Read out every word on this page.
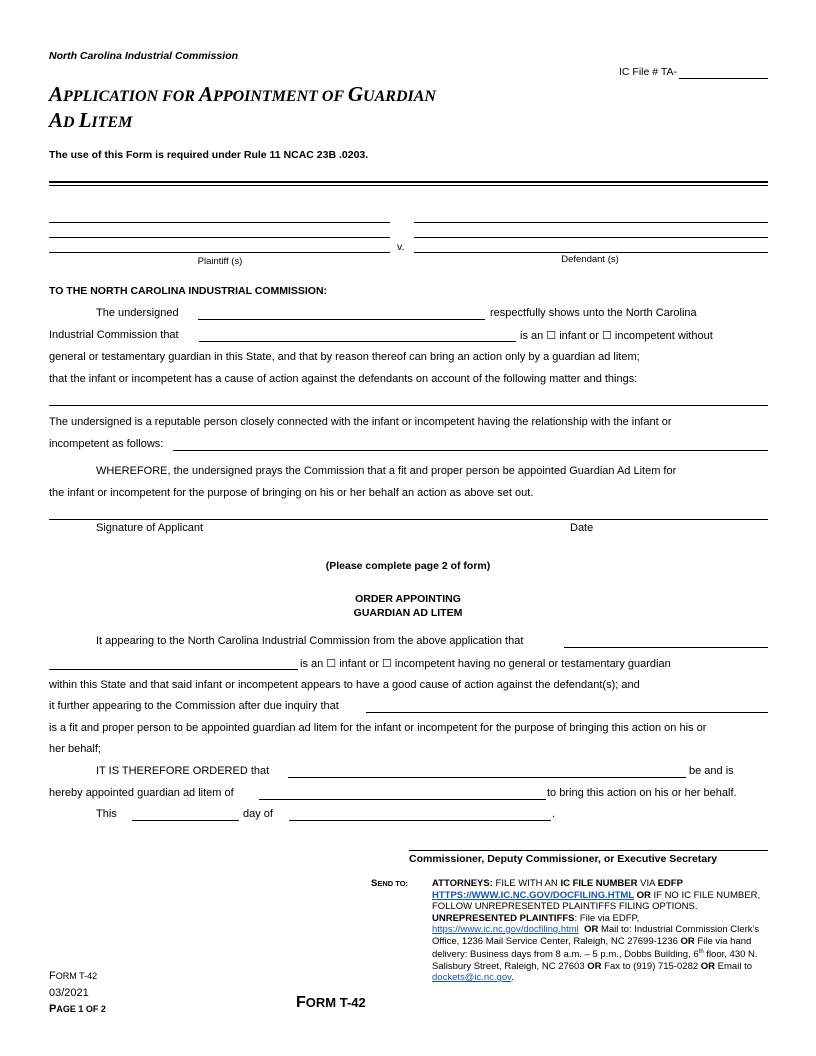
North Carolina Industrial Commission
IC File # TA-
APPLICATION FOR APPOINTMENT OF GUARDIAN
AD LITEM
The use of this Form is required under Rule 11 NCAC 23B .0203.
v.
Plaintiff (s)	Defendant (s)
TO THE NORTH CAROLINA INDUSTRIAL COMMISSION:
The undersigned	respectfully shows unto the North Carolina
Industrial Commission that	is an ☐ infant or ☐ incompetent without
general or testamentary guardian in this State, and that by reason thereof can bring an action only by a guardian ad litem;
that the infant or incompetent has a cause of action against the defendants on account of the following matter and things:
The undersigned is a reputable person closely connected with the infant or incompetent having the relationship with the infant or
incompetent as follows:
WHEREFORE, the undersigned prays the Commission that a fit and proper person be appointed Guardian Ad Litem for
the infant or incompetent for the purpose of bringing on his or her behalf an action as above set out.
Signature of Applicant	Date
(Please complete page 2 of form)
ORDER APPOINTING
GUARDIAN AD LITEM
It appearing to the North Carolina Industrial Commission from the above application that
is an ☐ infant or ☐ incompetent having no general or testamentary guardian
within this State and that said infant or incompetent appears to have a good cause of action against the defendant(s); and
it further appearing to the Commission after due inquiry that
is a fit and proper person to be appointed guardian ad litem for the infant or incompetent for the purpose of bringing this action on his or
her behalf;
IT IS THEREFORE ORDERED that	be and is
hereby appointed guardian ad litem of	to bring this action on his or her behalf.
This	day of	.
Commissioner, Deputy Commissioner, or Executive Secretary
SEND TO:	ATTORNEYS: FILE WITH AN IC FILE NUMBER VIA EDFP
HTTPS://WWW.IC.NC.GOV/DOCFILING.HTML OR IF NO IC FILE NUMBER, FOLLOW UNREPRESENTED PLAINTIFFS FILING OPTIONS.
UNREPRESENTED PLAINTIFFS: File via EDFP,
https://www.ic.nc.gov/docfiling.html OR Mail to: Industrial Commission Clerk’s Office, 1236 Mail Service Center, Raleigh, NC 27699-1236 OR File via hand delivery: Business days from 8 a.m. – 5 p.m., Dobbs Building, 6th floor, 430 N. Salisbury Street, Raleigh, NC 27603 OR Fax to (919) 715-0282 OR Email to dockets@ic.nc.gov.
FORM T-42
03/2021
PAGE 1 OF 2	FORM T-42
